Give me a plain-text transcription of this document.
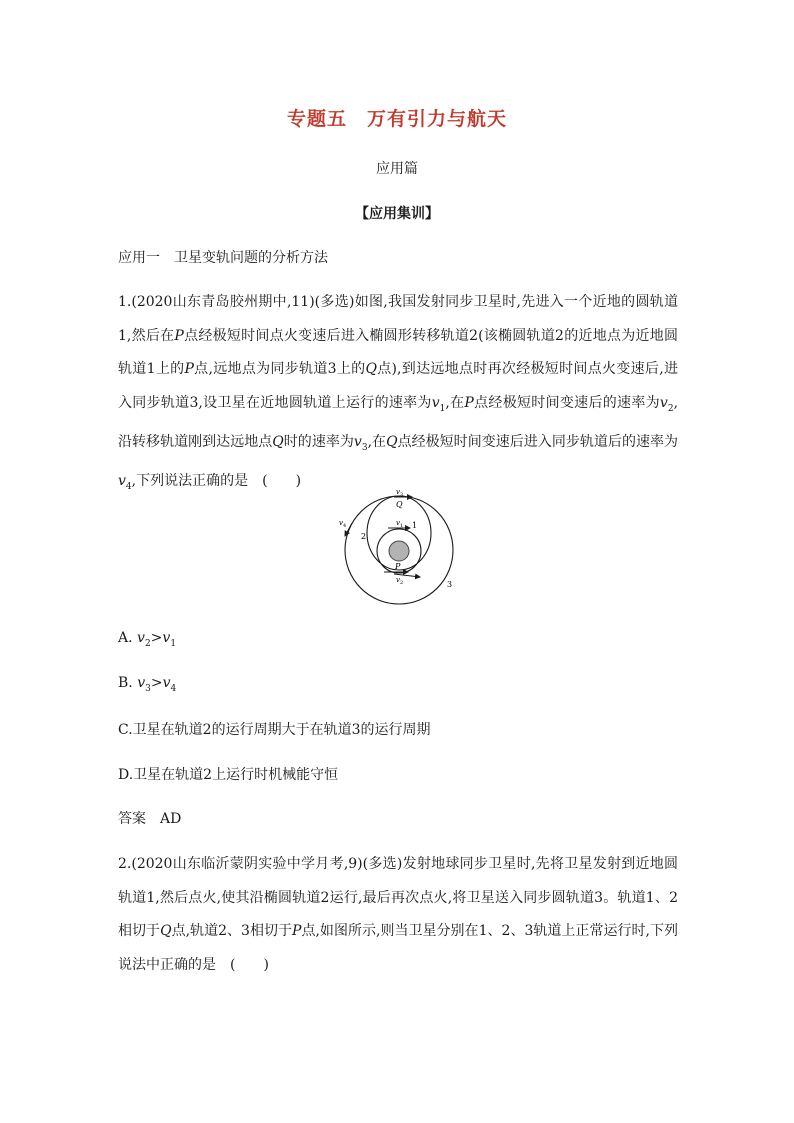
专题五　万有引力与航天
应用篇
【应用集训】
应用一　卫星变轨问题的分析方法
1.(2020山东青岛胶州期中,11)(多选)如图,我国发射同步卫星时,先进入一个近地的圆轨道1,然后在P点经极短时间点火变速后进入椭圆形转移轨道2(该椭圆轨道2的近地点为近地圆轨道1上的P点,远地点为同步轨道3上的Q点),到达远地点时再次经极短时间点火变速后,进入同步轨道3,设卫星在近地圆轨道上运行的速率为$v_1$,在P点经极短时间变速后的速率为$v_2$,沿转移轨道刚到达远地点Q时的速率为$v_3$,在Q点经极短时间变速后进入同步轨道后的速率为$v_4$,下列说法正确的是　(　　)
$v_3$
Q
$v_1$ 1
$v_4$
2
P
$v_2$	3
A. $v_2>v_1$
B. $v_3>v_4$
C.卫星在轨道2的运行周期大于在轨道3的运行周期
D.卫星在轨道2上运行时机械能守恒
答案　AD
2.(2020山东临沂蒙阴实验中学月考,9)(多选)发射地球同步卫星时,先将卫星发射到近地圆轨道1,然后点火,使其沿椭圆轨道2运行,最后再次点火,将卫星送入同步圆轨道3。轨道1、2相切于Q点,轨道2、3相切于P点,如图所示,则当卫星分别在1、2、3轨道上正常运行时,下列说法中正确的是　(　　)
